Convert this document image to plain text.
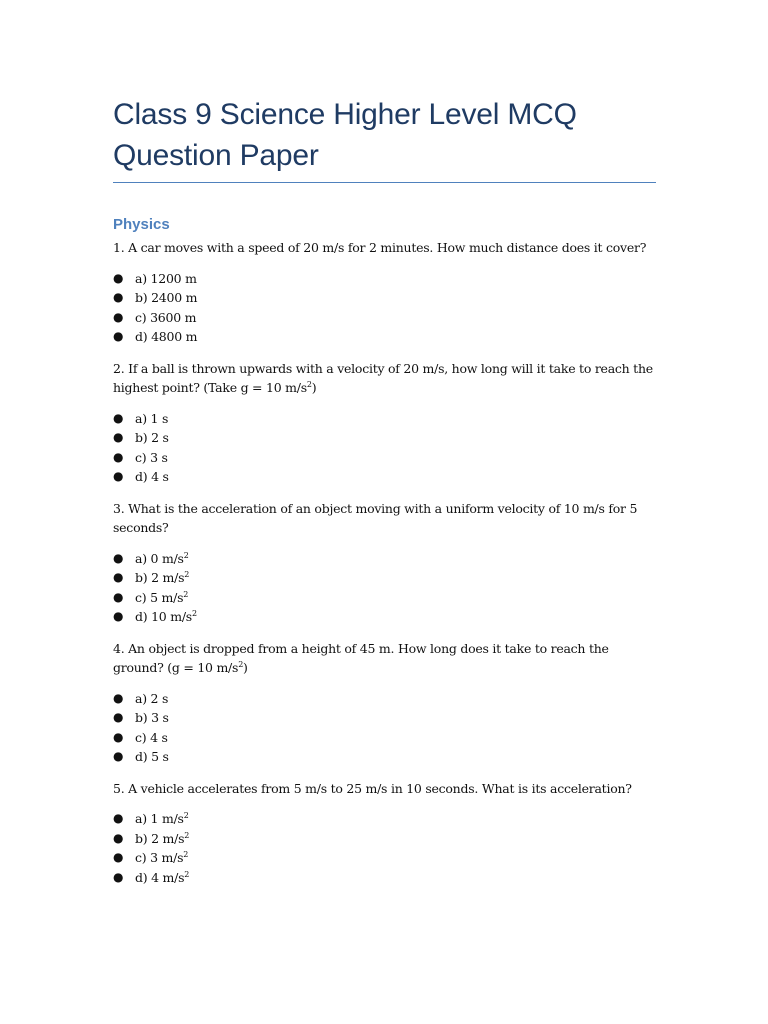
Class 9 Science Higher Level MCQ Question Paper
Physics
1. A car moves with a speed of 20 m/s for 2 minutes. How much distance does it cover?
● a) 1200 m
● b) 2400 m
● c) 3600 m
● d) 4800 m
2. If a ball is thrown upwards with a velocity of 20 m/s, how long will it take to reach the highest point? (Take g = 10 $m/s^2$)
● a) 1 s
● b) 2 s
● c) 3 s
● d) 4 s
3. What is the acceleration of an object moving with a uniform velocity of 10 m/s for 5 seconds?
● a) 0 $m/s^2$
● b) 2 $m/s^2$
● c) 5 $m/s^2$
● d) 10 $m/s^2$
4. An object is dropped from a height of 45 m. How long does it take to reach the ground? (g = 10 $m/s^2$)
● a) 2 s
● b) 3 s
● c) 4 s
● d) 5 s
5. A vehicle accelerates from 5 m/s to 25 m/s in 10 seconds. What is its acceleration?
● a) 1 $m/s^2$
● b) 2 $m/s^2$
● c) 3 $m/s^2$
● d) 4 $m/s^2$
